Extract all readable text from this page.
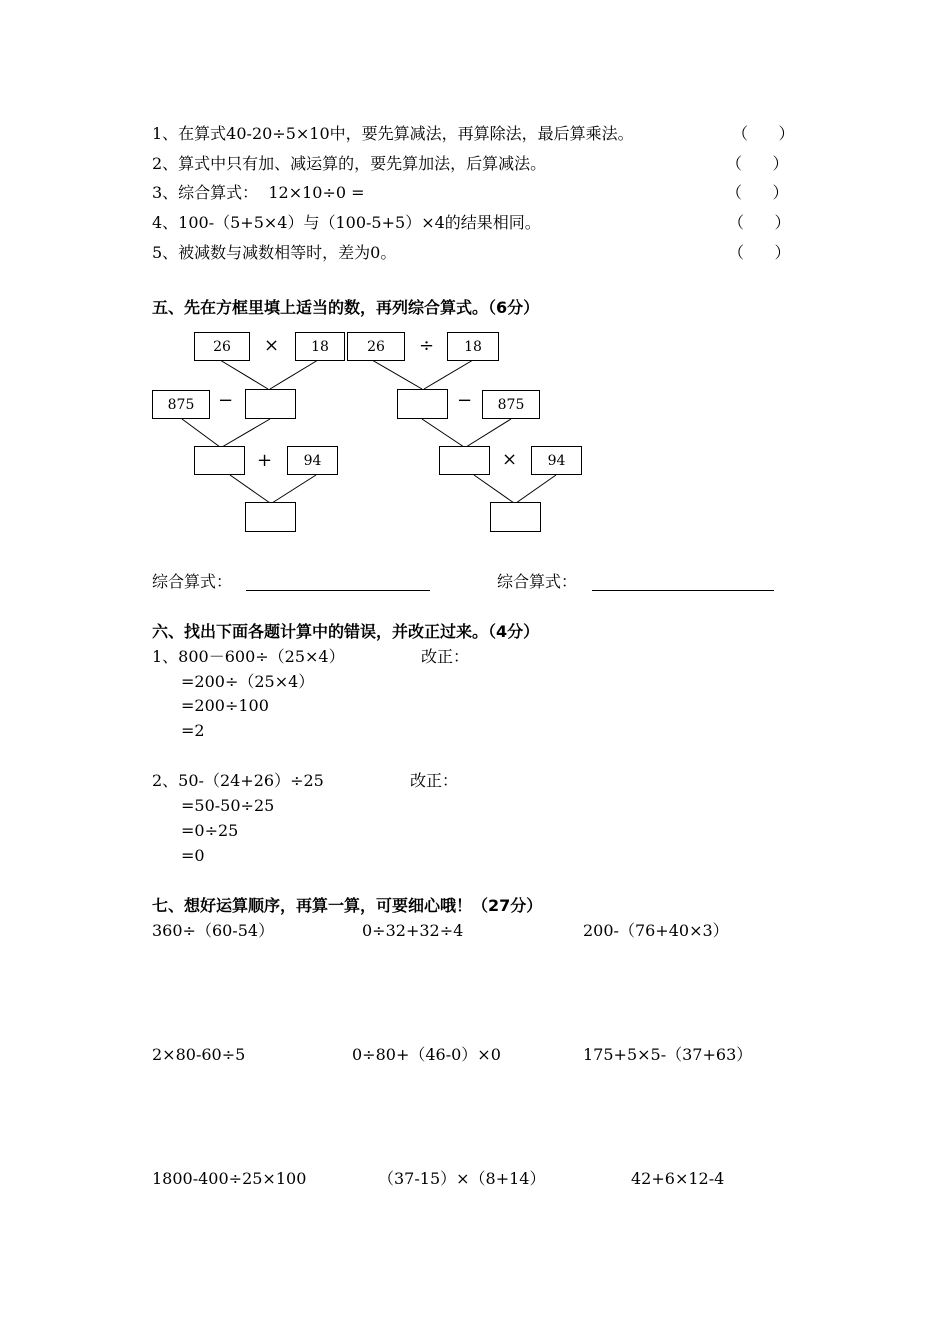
1、在算式40-20÷5×10中，要先算减法，再算除法，最后算乘法。	（      ）
2、算式中只有加、减运算的，要先算加法，后算减法。	（      ）
3、综合算式：  12×10÷0 =	（      ）
4、100-（5+5×4）与（100-5+5）×4的结果相同。	（      ）
5、被减数与减数相等时，差为0。	（      ）
五、先在方框里填上适当的数，再列综合算式。（6分）
26	×	18
875	−
+	94
26	÷	18
−	875
×	94
综合算式：	综合算式：
六、找出下面各题计算中的错误，并改正过来。（4分）
1、800－600÷（25×4）	改正：
=200÷（25×4）
=200÷100
=2
2、50-（24+26）÷25	改正：
=50-50÷25
=0÷25
=0
七、想好运算顺序，再算一算，可要细心哦！（27分）
360÷（60-54）	0÷32+32÷4	200-（76+40×3）
2×80-60÷5	0÷80+（46-0）×0	175+5×5-（37+63）
1800-400÷25×100	（37-15）×（8+14）	42+6×12-4
